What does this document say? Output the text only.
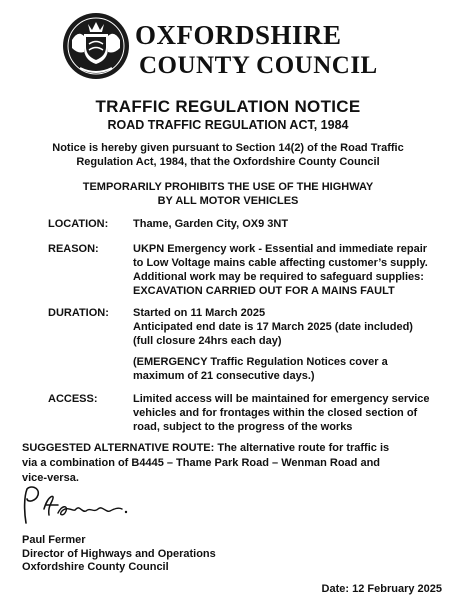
OXFORDSHIRE
COUNTY COUNCIL
TRAFFIC REGULATION NOTICE
ROAD TRAFFIC REGULATION ACT, 1984
Notice is hereby given pursuant to Section 14(2) of the Road Traffic
Regulation Act, 1984, that the Oxfordshire County Council
TEMPORARILY PROHIBITS THE USE OF THE HIGHWAY
BY ALL MOTOR VEHICLES
LOCATION: Thame, Garden City, OX9 3NT
REASON:	UKPN Emergency work - Essential and immediate repair
to Low Voltage mains cable affecting customer’s supply.
Additional work may be required to safeguard supplies:
EXCAVATION CARRIED OUT FOR A MAINS FAULT
DURATION: Started on 11 March 2025
Anticipated end date is 17 March 2025 (date included)
(full closure 24hrs each day)
(EMERGENCY Traffic Regulation Notices cover a
maximum of 21 consecutive days.)
ACCESS:	Limited access will be maintained for emergency service
vehicles and for frontages within the closed section of
road, subject to the progress of the works
SUGGESTED ALTERNATIVE ROUTE: The alternative route for traffic is
via a combination of B4445 – Thame Park Road – Wenman Road and
vice-versa.
Paul Fermer
Director of Highways and Operations
Oxfordshire County Council
Date: 12 February 2025
